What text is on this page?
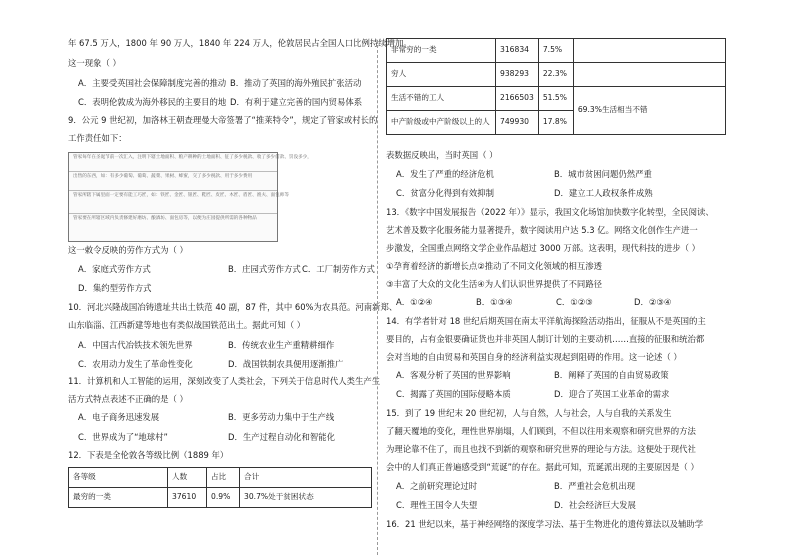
年 67.5 万人，1800 年 90 万人，1840 年 224 万人，伦敦居民占全国人口比例持续增加。
这一现象（ ）
A．主要受英国社会保障制度完善的推动 B．推动了英国的海外殖民扩张活动
C．表明伦敦成为海外移民的主要目的地 D．有利于建立完善的国内贸易体系
9．公元 9 世纪初，加洛林王朝查理曼大帝签署了“推莱特令”，规定了管家或村长的
工作责任如下：
管家每年在圣诞节前一次汇入，注明下辖土地面积、粮产耕种的土地面积、征了多少税款、收了多少借款、罚没多少，
出售的东西，如：有多少葡萄、葡萄、蔬菜、果树、蜂蜜，交了多少税款、用于多少费用
管家所辖下属里面一定要有能工巧匠，如：铁匠、金匠、银匠、鞋匠、皮匠、木匠、盾匠、渔夫、面包师等
管家要在所辖区域内负责修建好磨坊、酿酒坊、面包房等，以便为庄园提供所需的各种物品
这一敕令反映的劳作方式为（ ）
A．家庭式劳作方式	B．庄园式劳作方式 C．工厂制劳作方式
D．集约型劳作方式
10．河北兴隆战国冶铸遗址共出土铁范 40 副，87 件，其中 60%为农具范。河南新郑、
山东临淄、江西新建等地也有类似战国铁范出土。据此可知（ ）
A．中国古代冶铁技术领先世界	B．传统农业生产重精耕细作
C．农用动力发生了革命性变化	D．战国铁制农具便用逐渐推广
11．计算机和人工智能的运用，深刻改变了人类社会，下列关于信息时代人类生产生
活方式特点表述不正确的是（ ）
A．电子商务迅速发展	B．更多劳动力集中于生产线
C．世界成为了“地球村”	D．生产过程自动化和智能化
12．下表是全伦敦各等级比例（1889 年）
各等级	人数	占比	合计
最穷的一类	37610	0.9%	30.7%处于贫困状态
非常穷的一类	316834	7.5%	
穷人	938293	22.3%	
生活不错的工人	2166503	51.5%	69.3%生活相当不错
中产阶级或中产阶级以上的人	749930	17.8%	
表数据反映出，当时英国（ ）
A．发生了严重的经济危机	B．城市贫困问题仍然严重
C．贫富分化得到有效抑制	D．建立工人政权条件成熟
13．《数字中国发展报告（2022 年）》显示，我国文化场馆加快数字化转型，全民阅读、
艺术普及数字化服务能力显著提升，数字阅读用户达 5.3 亿。网络文化创作生产进一
步激发，全国重点网络文学企业作品超过 3000 万部。这表明，现代科技的进步（ ）
①孕育着经济的新增长点②推动了不同文化领域的相互渗透
③丰富了大众的文化生活④为人们认识世界提供了不同路径
A．①②④	B．①③④	C．①②③	D．②③④
14．有学者针对 18 世纪后期英国在南太平洋航海探险活动指出，征服从不是英国的主
要目的，占有金银要确证货也并非英国人制订计划的主要动机……直接的征服和统治都
会对当地的自由贸易和英国自身的经济利益实现起到阻碍的作用。这一论述（ ）
A．客观分析了英国的世界影响	B．阐释了英国的自由贸易政策
C．揭露了英国的国际侵略本质	D．迎合了英国工业革命的需求
15．到了 19 世纪末 20 世纪初，人与自然，人与社会，人与自我的关系发生
了翻天覆地的变化，理性世界崩塌，人们顾到，不但以往用来观察和研究世界的方法
为理论靠不住了，而且也找不到新的观察和研究世界的理论与方法。这便处于现代社
会中的人们真正普遍感受到“荒诞”的存在。据此可知，荒诞派出现的主要原因是（ ）
A．之前研究理论过时	B．严重社会危机出现
C．理性王国令人失望	D．社会经济巨大发展
16．21 世纪以来，基于神经网络的深度学习法、基于生物进化的遗传算法以及辅助学
